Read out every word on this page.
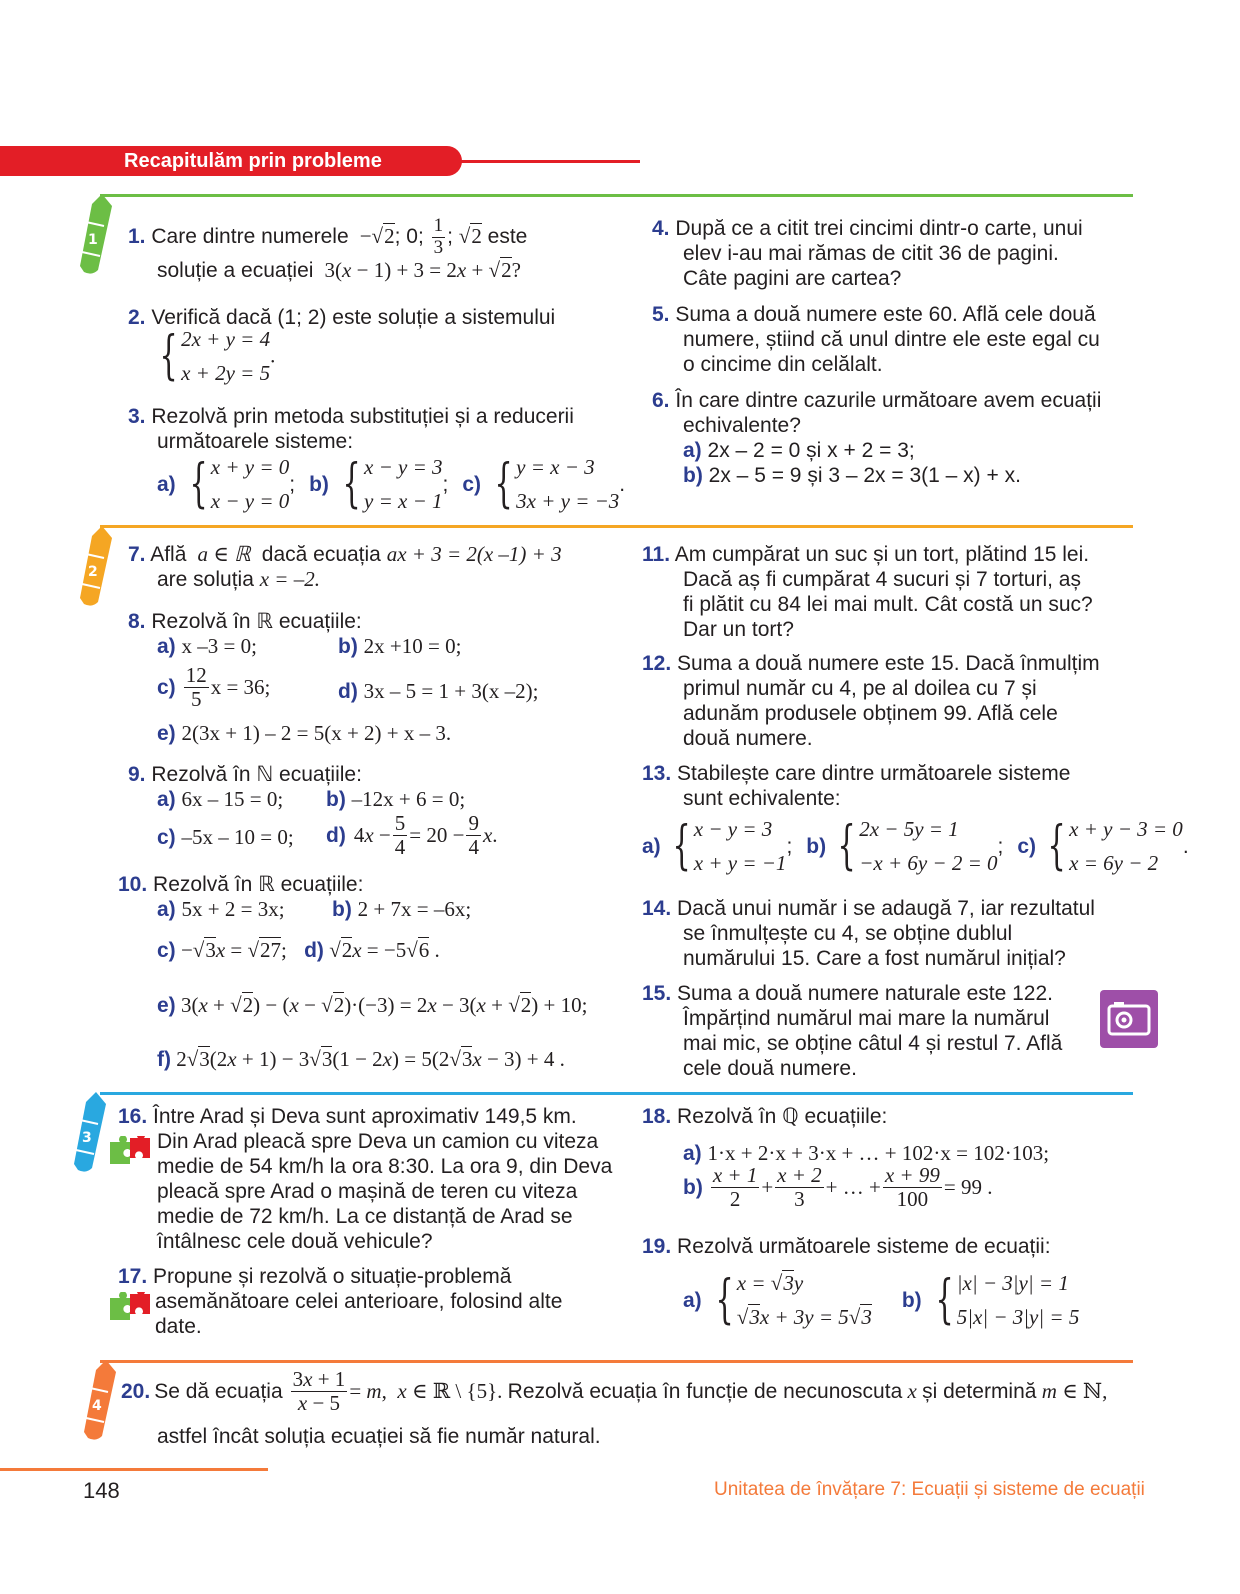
Recapitulăm prin probleme
1
2
3
4
1. Care dintre numerele  −√2; 0; $\frac{1}{3}$ ; √2 este
soluție a ecuației  3(x − 1) + 3 = 2x + √2?
2. Verifică dacă (1; 2) este soluție a sistemului
{ 2x + y = 4
x + 2y = 5
.
3. Rezolvă prin metoda substituției și a reducerii
următoarele sisteme:
a) { x + y = 0
x − y = 0
; b) { x − y = 3
y = x − 1
; c) { y = x − 3
3x + y = −3
.
4. După ce a citit trei cincimi dintr-o carte, unui
elev i-au mai rămas de citit 36 de pagini.
Câte pagini are cartea?
5. Suma a două numere este 60. Află cele două
numere, știind că unul dintre ele este egal cu
o cincime din celălalt.
6. În care dintre cazurile următoare avem ecuații
echivalente?
a) 2x – 2 = 0 și x + 2 = 3;
b) 2x – 5 = 9 și 3 – 2x = 3(1 – x) + x.
7. Află  a ∈ ℝ  dacă ecuația ax + 3 = 2(x –1) + 3
are soluția x = –2.
8. Rezolvă în ℝ ecuațiile:
a) x –3 = 0;	b) 2x +10 = 0;
$c) \frac{12}{5}$ x = 36;	d) 3x – 5 = 1 + 3(x –2);
e) 2(3x + 1) – 2 = 5(x + 2) + x – 3.
9. Rezolvă în ℕ ecuațiile:
a) 6x – 15 = 0; b) –12x + 6 = 0;
c) –5x – 10 = 0; d) $4x - \frac{5}{4} = 20 - \frac{9}{4} x$.
10. Rezolvă în ℝ ecuațiile:
a) 5x + 2 = 3x; b) 2 + 7x = –6x;
c) −√3x = √27; d) √2x = −5√6 .
e) 3(x + √2) − (x − √2)·(−3) = 2x − 3(x + √2) + 10;
f) 2√3(2x + 1) − 3√3(1 − 2x) = 5(2√3x − 3) + 4 .
11. Am cumpărat un suc și un tort, plătind 15 lei.
Dacă aș fi cumpărat 4 sucuri și 7 torturi, aș
fi plătit cu 84 lei mai mult. Cât costă un suc?
Dar un tort?
12. Suma a două numere este 15. Dacă înmulțim
primul număr cu 4, pe al doilea cu 7 și
adunăm produsele obținem 99. Află cele
două numere.
13. Stabilește care dintre următoarele sisteme
sunt echivalente:
a) { x − y = 3
x + y = −1
; b) { 2x − 5y = 1
−x + 6y − 2 = 0
; c) { x + y − 3 = 0
x = 6y − 2
.
14. Dacă unui număr i se adaugă 7, iar rezultatul
se înmulțește cu 4, se obține dublul
numărului 15. Care a fost numărul inițial?
15. Suma a două numere naturale este 122.
Împărțind numărul mai mare la numărul
mai mic, se obține câtul 4 și restul 7. Află
cele două numere.
16. Între Arad și Deva sunt aproximativ 149,5 km.
Din Arad pleacă spre Deva un camion cu viteza
medie de 54 km/h la ora 8:30. La ora 9, din Deva
pleacă spre Arad o mașină de teren cu viteza
medie de 72 km/h. La ce distanță de Arad se
întâlnesc cele două vehicule?
17. Propune și rezolvă o situație-problemă
asemănătoare celei anterioare, folosind alte
date.
18. Rezolvă în ℚ ecuațiile:
a) 1·x + 2·x + 3·x + … + 102·x = 102·103;
$b) \frac{x + 1}{2} + \frac{x + 2}{3}$ + … + $\frac{x + 99}{100} = 99$ .
19. Rezolvă următoarele sisteme de ecuații:
a) { x = √3y
√3x + 3y = 5√3
b) { |x| − 3|y| = 1
5|x| − 3|y| = 5
20. Se dă ecuația $\frac{3x + 1}{x - 5} = m$,  x ∈ ℝ \ {5}. Rezolvă ecuația în funcție de necunoscuta x și determină m ∈ ℕ,
astfel încât soluția ecuației să fie număr natural.
148	Unitatea de învățare 7: Ecuații și sisteme de ecuații
